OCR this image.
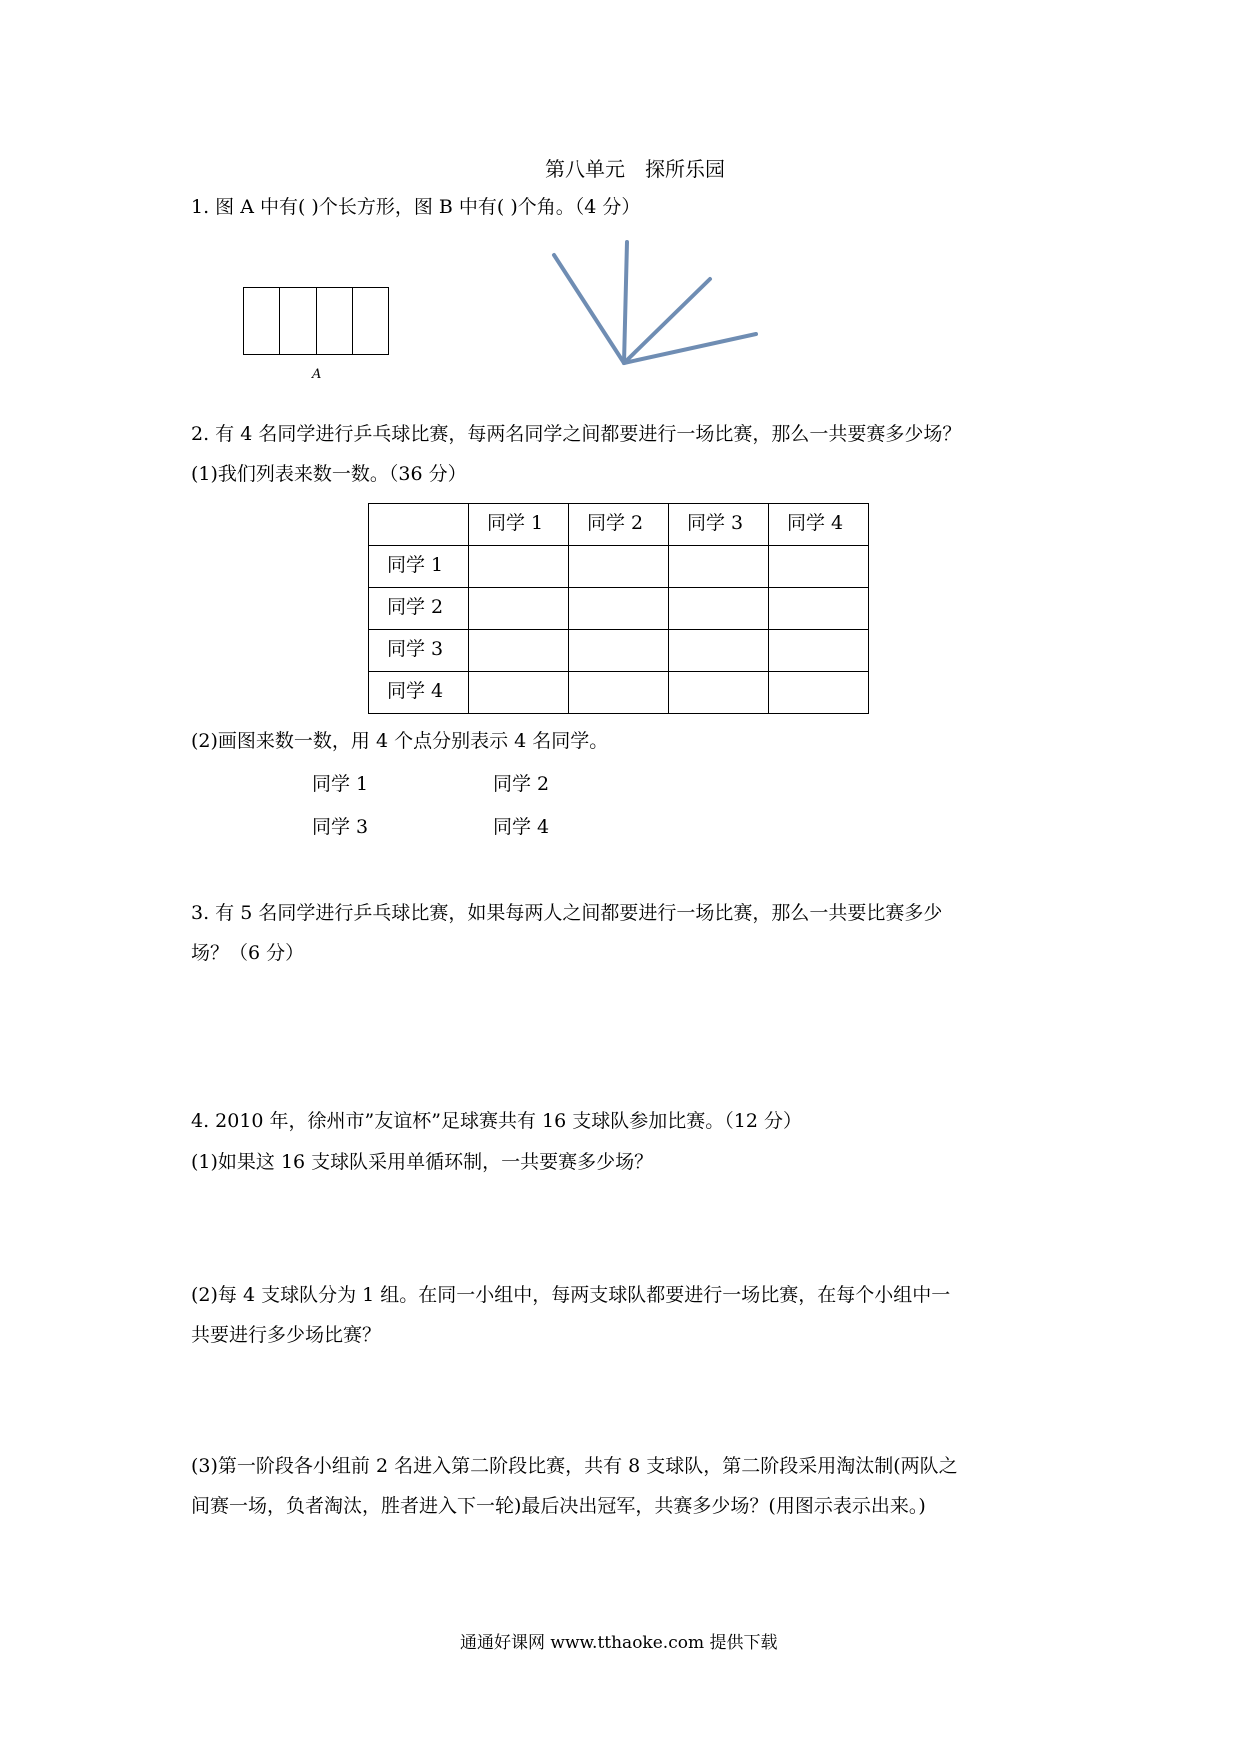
第八单元　探所乐园
1. 图 A 中有( )个长方形，图 B 中有( )个角。（4 分）
A
2. 有 4 名同学进行乒乓球比赛，每两名同学之间都要进行一场比赛，那么一共要赛多少场？
(1)我们列表来数一数。（36 分）
	同学 1	同学 2	同学 3	同学 4
同学 1				
同学 2				
同学 3				
同学 4				
(2)画图来数一数，用 4 个点分别表示 4 名同学。
同学 1	同学 2
同学 3	同学 4
3. 有 5 名同学进行乒乓球比赛，如果每两人之间都要进行一场比赛，那么一共要比赛多少
场？（6 分）
4. 2010 年，徐州市”友谊杯”足球赛共有 16 支球队参加比赛。（12 分）
(1)如果这 16 支球队采用单循环制，一共要赛多少场？
(2)每 4 支球队分为 1 组。在同一小组中，每两支球队都要进行一场比赛，在每个小组中一
共要进行多少场比赛？
(3)第一阶段各小组前 2 名进入第二阶段比赛，共有 8 支球队，第二阶段采用淘汰制(两队之
间赛一场，负者淘汰，胜者进入下一轮)最后决出冠军，共赛多少场？(用图示表示出来。)
通通好课网 www.tthaoke.com 提供下载
